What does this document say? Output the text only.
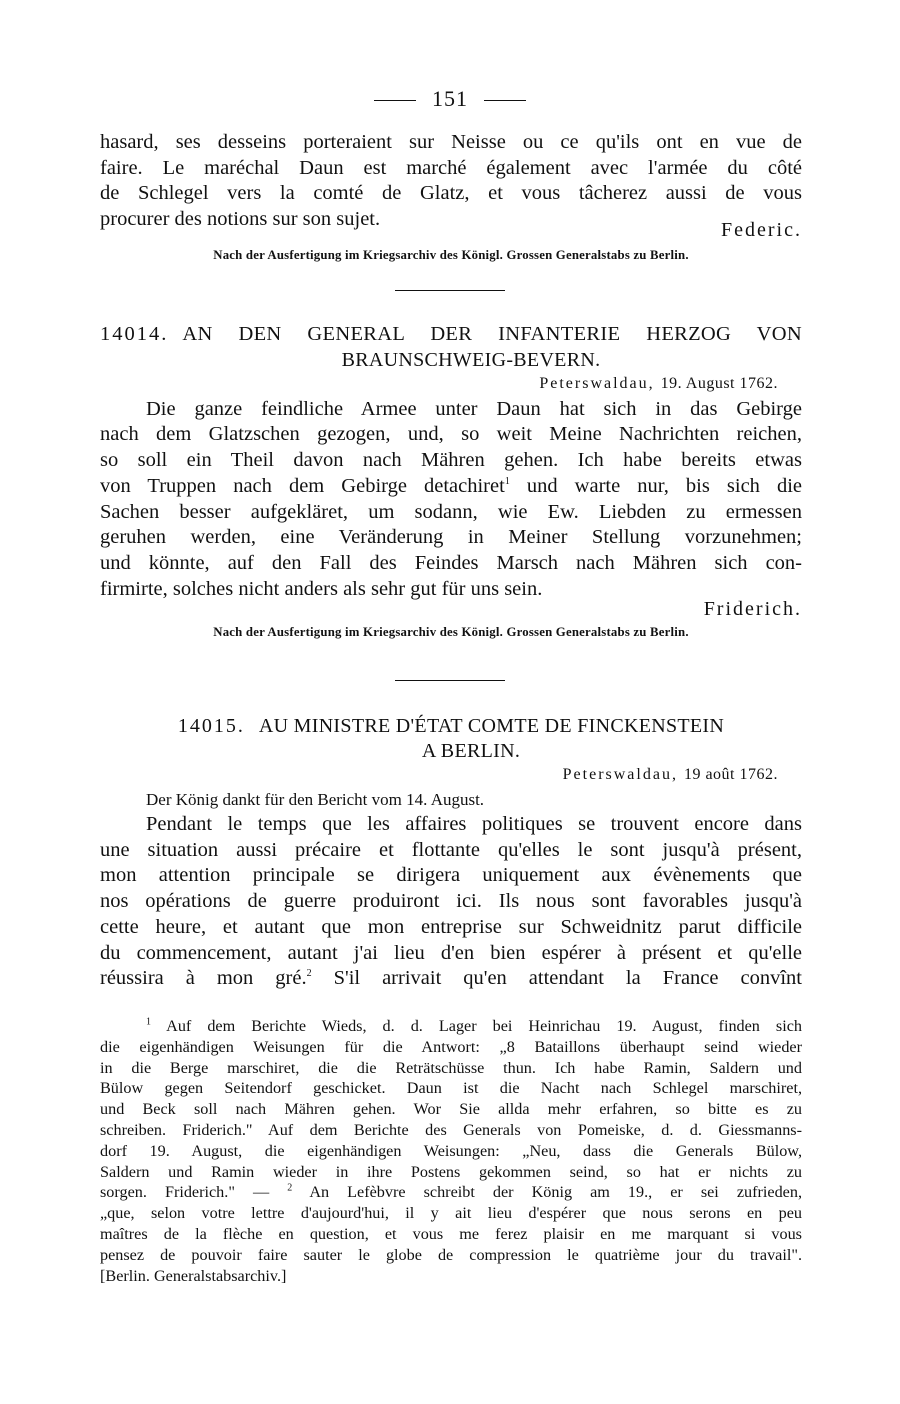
151
hasard, ses desseins porteraient sur Neisse ou ce qu'ils ont en vue de
faire. Le maréchal Daun est marché également avec l'armée du côté
de Schlegel vers la comté de Glatz, et vous tâcherez aussi de vous
procurer des notions sur son sujet.	Federic.
Nach der Ausfertigung im Kriegsarchiv des Königl. Grossen Generalstabs zu Berlin.
14014. AN DEN GENERAL DER INFANTERIE HERZOG VON
BRAUNSCHWEIG-BEVERN.
Peterswaldau, 19. August 1762.
Die ganze feindliche Armee unter Daun hat sich in das Gebirge
nach dem Glatzschen gezogen, und, so weit Meine Nachrichten reichen,
so soll ein Theil davon nach Mähren gehen. Ich habe bereits etwas
von Truppen nach dem Gebirge detachiret$^1$ und warte nur, bis sich die
Sachen besser aufgekläret, um sodann, wie Ew. Liebden zu ermessen
geruhen werden, eine Veränderung in Meiner Stellung vorzunehmen;
und könnte, auf den Fall des Feindes Marsch nach Mähren sich con-
firmirte, solches nicht anders als sehr gut für uns sein.
Friderich.
Nach der Ausfertigung im Kriegsarchiv des Königl. Grossen Generalstabs zu Berlin.
14015. AU MINISTRE D'ÉTAT COMTE DE FINCKENSTEIN
A BERLIN.
Peterswaldau, 19 août 1762.
Der König dankt für den Bericht vom 14. August.
Pendant le temps que les affaires politiques se trouvent encore dans
une situation aussi précaire et flottante qu'elles le sont jusqu'à présent,
mon attention principale se dirigera uniquement aux évènements que
nos opérations de guerre produiront ici. Ils nous sont favorables jusqu'à
cette heure, et autant que mon entreprise sur Schweidnitz parut difficile
du commencement, autant j'ai lieu d'en bien espérer à présent et qu'elle
réussira à mon gré.$^2$ S'il arrivait qu'en attendant la France convînt
$^1$ Auf dem Berichte Wieds, d. d. Lager bei Heinrichau 19. August, finden sich
die eigenhändigen Weisungen für die Antwort: „8 Bataillons überhaupt seind wieder
in die Berge marschiret, die die Reträtschüsse thun. Ich habe Ramin, Saldern und
Bülow gegen Seitendorf geschicket. Daun ist die Nacht nach Schlegel marschiret,
und Beck soll nach Mähren gehen. Wor Sie allda mehr erfahren, so bitte es zu
schreiben. Friderich." Auf dem Berichte des Generals von Pomeiske, d. d. Giessmanns-
dorf 19. August, die eigenhändigen Weisungen: „Neu, dass die Generals Bülow,
Saldern und Ramin wieder in ihre Postens gekommen seind, so hat er nichts zu
sorgen. Friderich." — $^2$ An Lefèbvre schreibt der König am 19., er sei zufrieden,
„que, selon votre lettre d'aujourd'hui, il y ait lieu d'espérer que nous serons en peu
maîtres de la flèche en question, et vous me ferez plaisir en me marquant si vous
pensez de pouvoir faire sauter le globe de compression le quatrième jour du travail".
[Berlin. Generalstabsarchiv.]
